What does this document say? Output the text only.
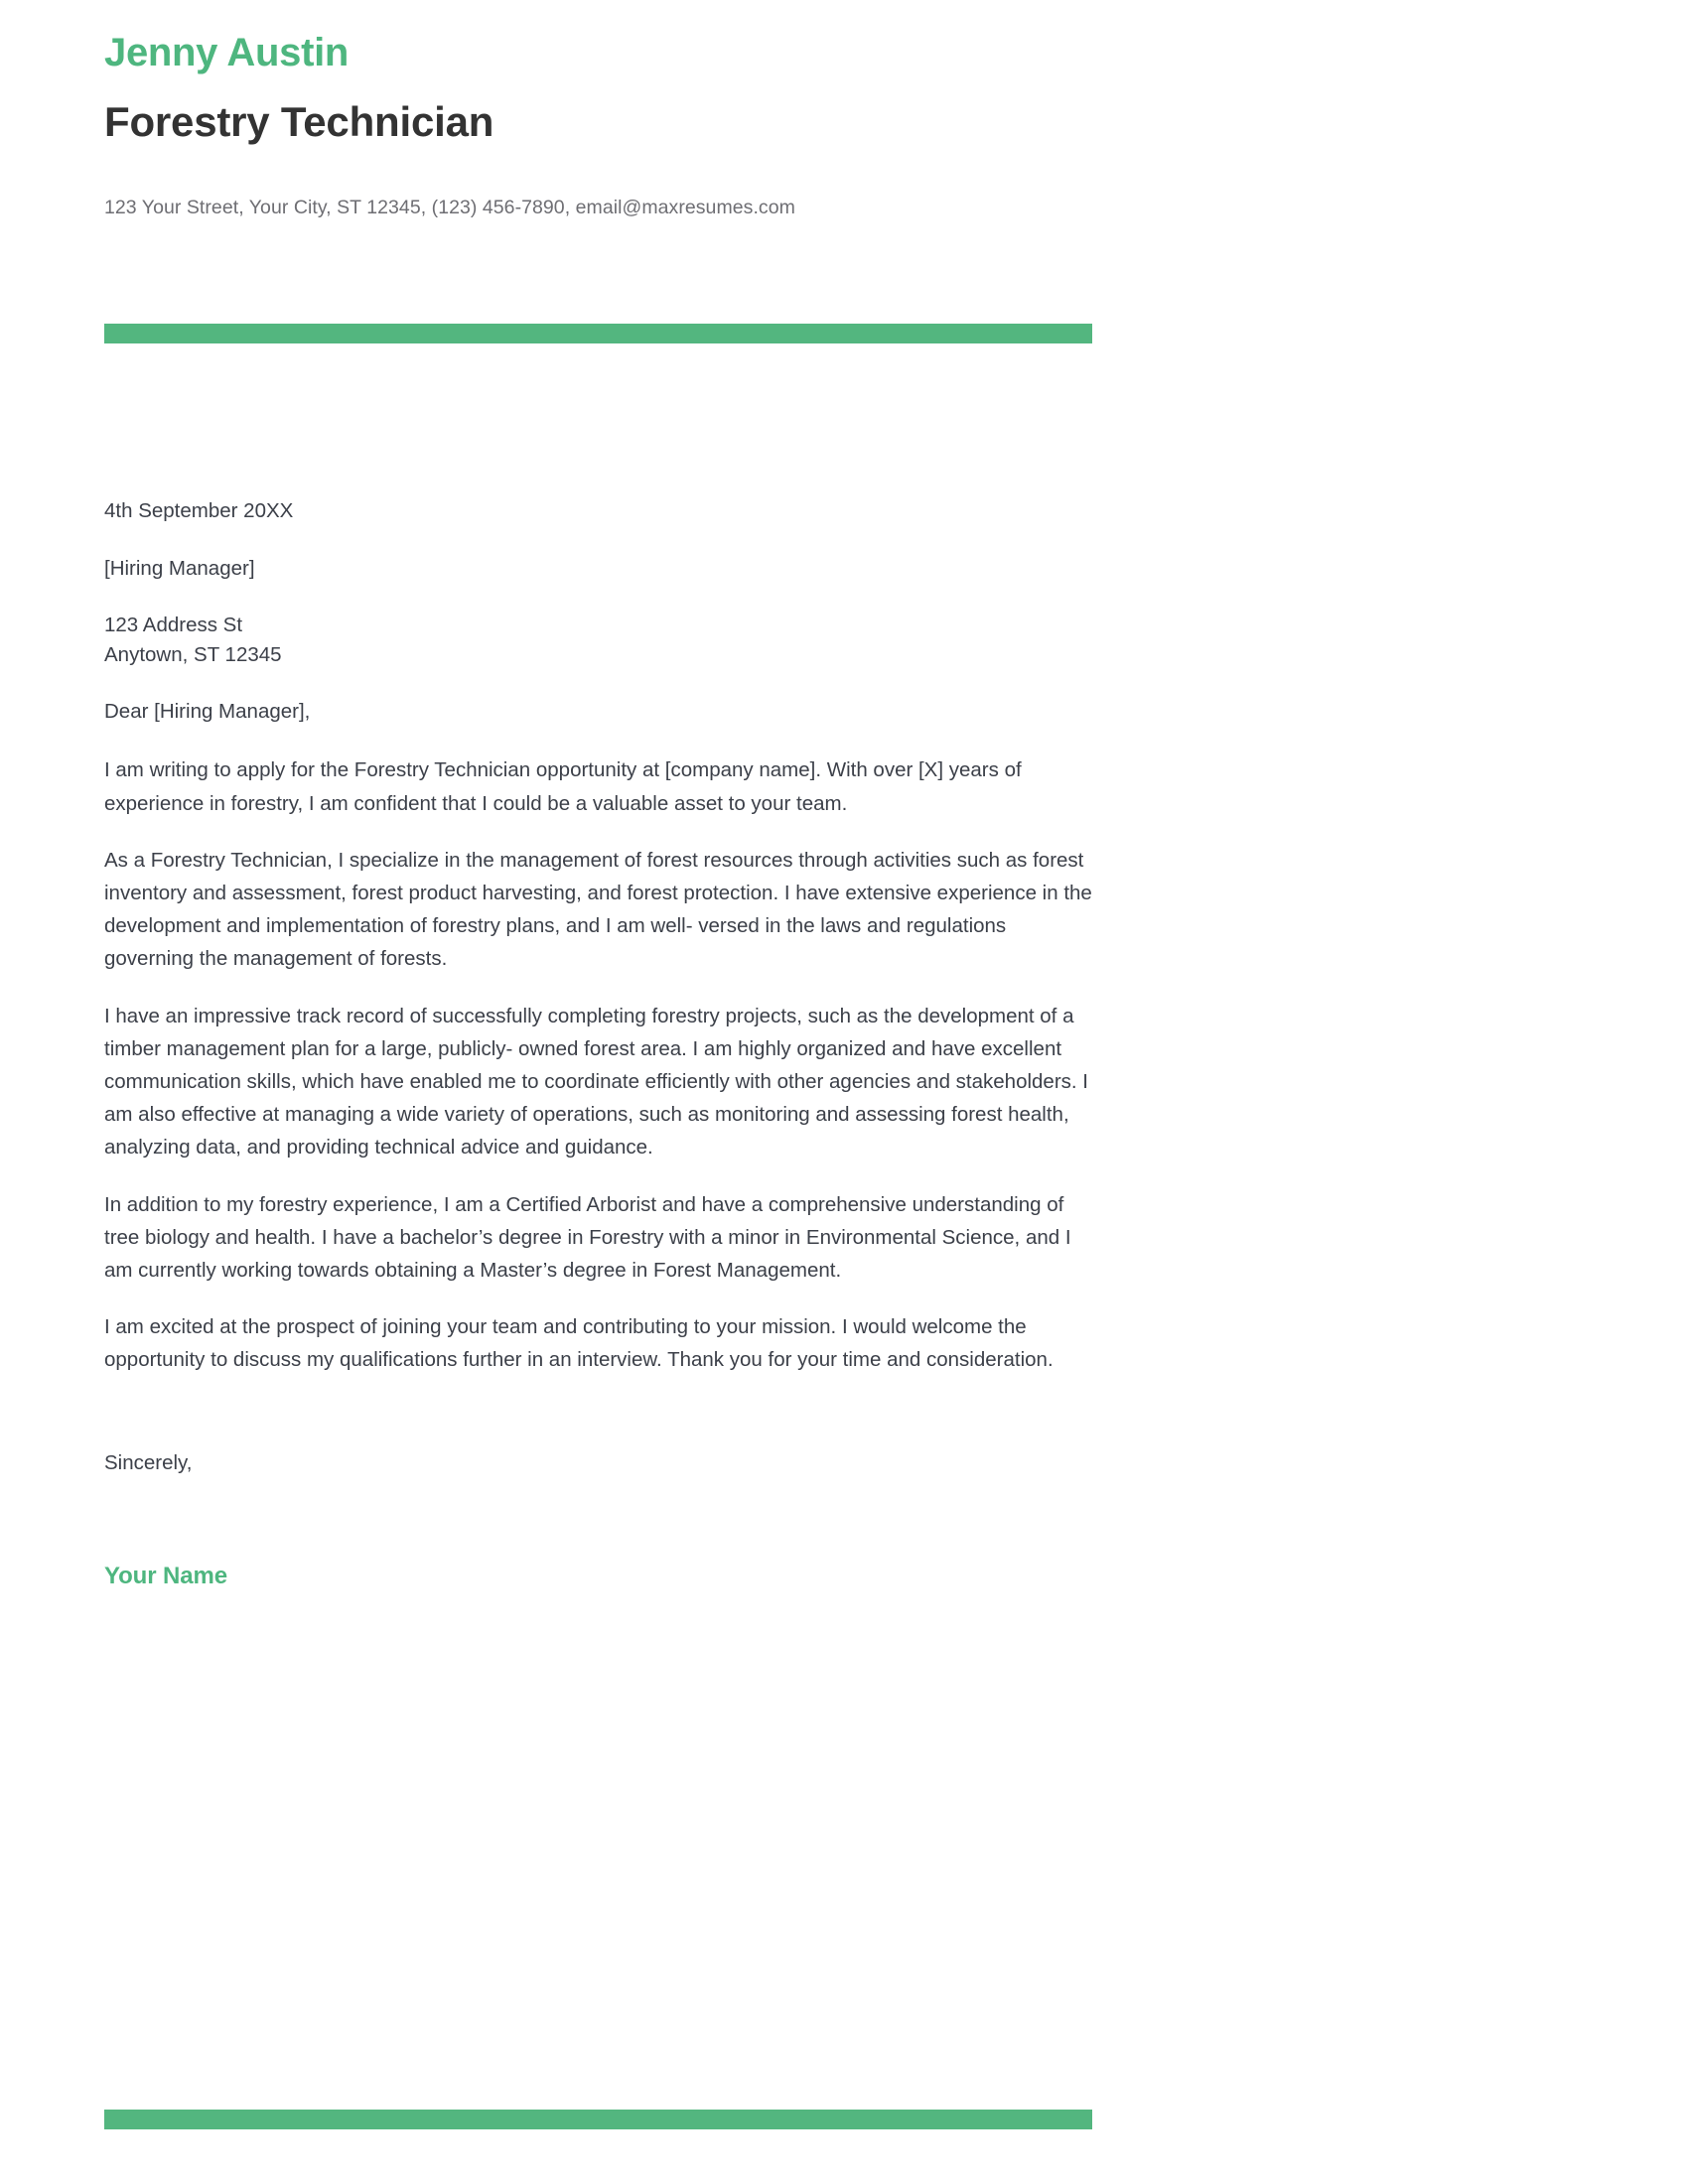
Jenny Austin
Forestry Technician

123 Your Street, Your City, ST 12345, (123) 456-7890, email@maxresumes.com

4th September 20XX

[Hiring Manager]

123 Address St
Anytown, ST 12345

Dear [Hiring Manager],

I am writing to apply for the Forestry Technician opportunity at [company name]. With over [X] years of experience in forestry, I am confident that I could be a valuable asset to your team.

As a Forestry Technician, I specialize in the management of forest resources through activities such as forest inventory and assessment, forest product harvesting, and forest protection. I have extensive experience in the development and implementation of forestry plans, and I am well- versed in the laws and regulations governing the management of forests.

I have an impressive track record of successfully completing forestry projects, such as the development of a timber management plan for a large, publicly- owned forest area. I am highly organized and have excellent communication skills, which have enabled me to coordinate efficiently with other agencies and stakeholders. I am also effective at managing a wide variety of operations, such as monitoring and assessing forest health, analyzing data, and providing technical advice and guidance.

In addition to my forestry experience, I am a Certified Arborist and have a comprehensive understanding of tree biology and health. I have a bachelor’s degree in Forestry with a minor in Environmental Science, and I am currently working towards obtaining a Master’s degree in Forest Management.

I am excited at the prospect of joining your team and contributing to your mission. I would welcome the opportunity to discuss my qualifications further in an interview. Thank you for your time and consideration.

Sincerely,

Your Name
